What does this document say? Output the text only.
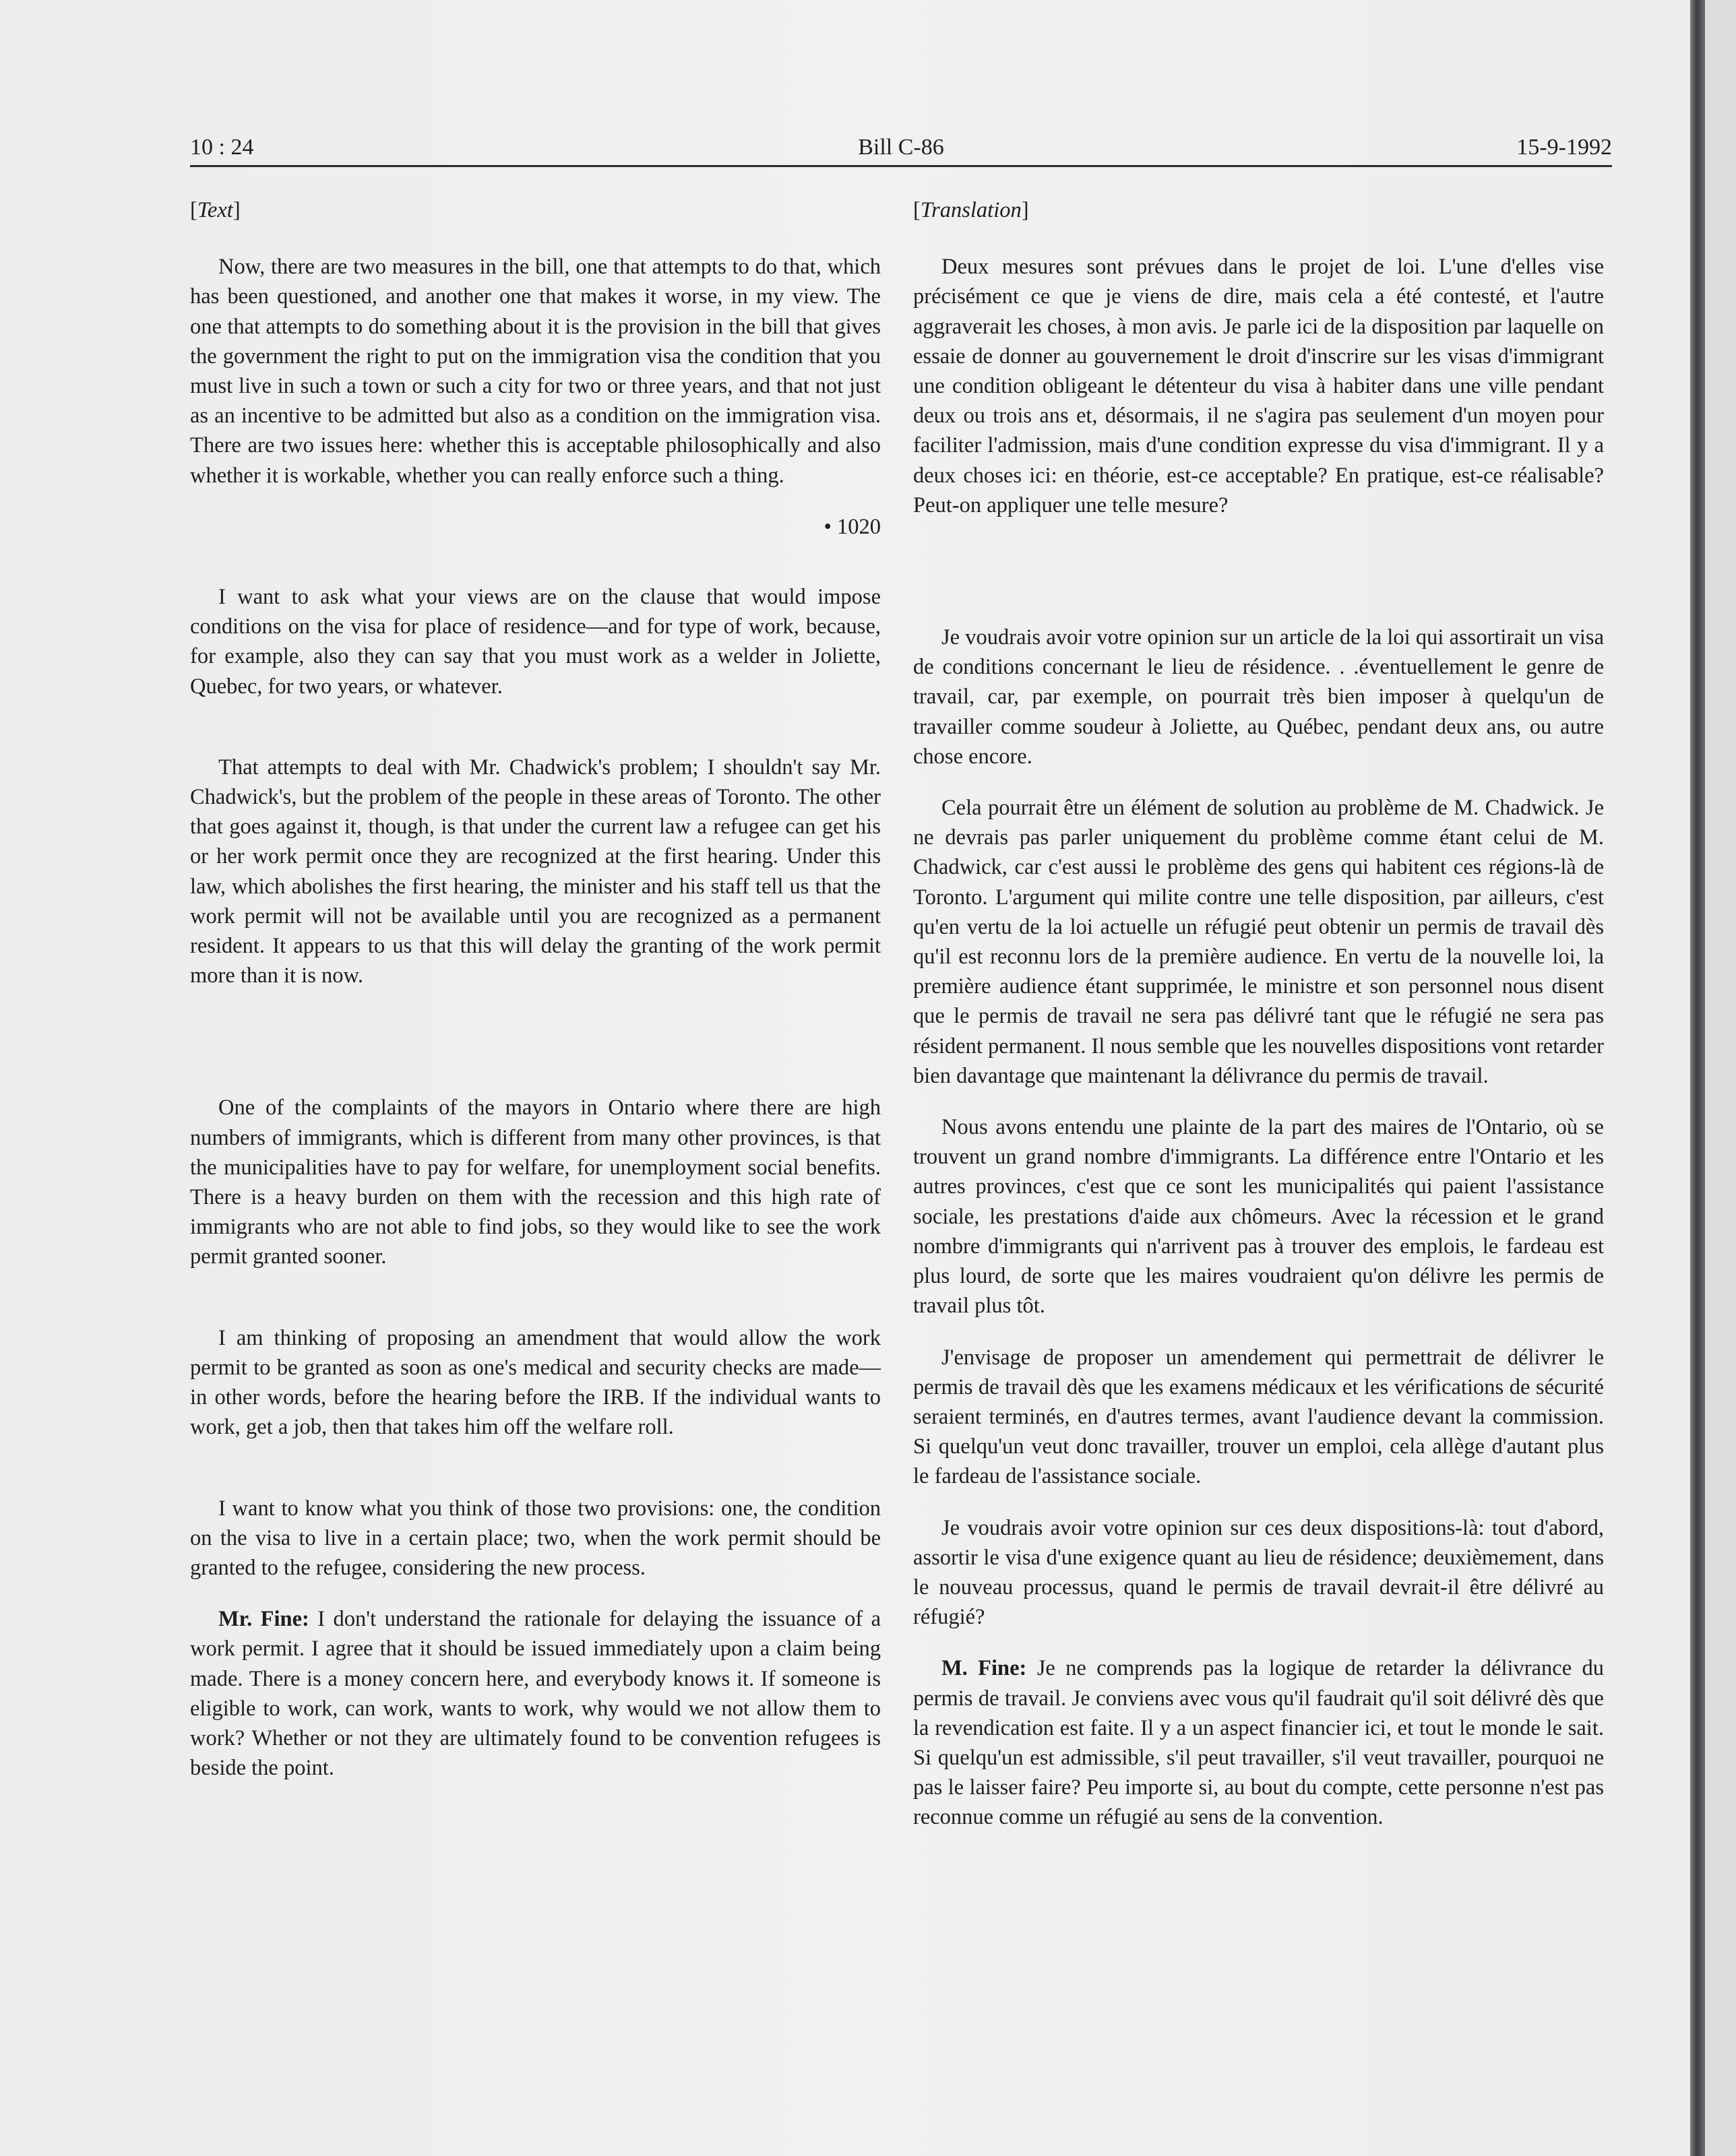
10 : 24	Bill C-86	15-9-1992
[Text]

Now, there are two measures in the bill, one that attempts to do that, which has been questioned, and another one that makes it worse, in my view. The one that attempts to do something about it is the provision in the bill that gives the government the right to put on the immigration visa the condition that you must live in such a town or such a city for two or three years, and that not just as an incentive to be admitted but also as a condition on the immigration visa. There are two issues here: whether this is acceptable philosophically and also whether it is workable, whether you can really enforce such a thing.

• 1020

I want to ask what your views are on the clause that would impose conditions on the visa for place of residence—and for type of work, because, for example, also they can say that you must work as a welder in Joliette, Quebec, for two years, or whatever.

That attempts to deal with Mr. Chadwick's problem; I shouldn't say Mr. Chadwick's, but the problem of the people in these areas of Toronto. The other that goes against it, though, is that under the current law a refugee can get his or her work permit once they are recognized at the first hearing. Under this law, which abolishes the first hearing, the minister and his staff tell us that the work permit will not be available until you are recognized as a permanent resident. It appears to us that this will delay the granting of the work permit more than it is now.

One of the complaints of the mayors in Ontario where there are high numbers of immigrants, which is different from many other provinces, is that the municipalities have to pay for welfare, for unemployment social benefits. There is a heavy burden on them with the recession and this high rate of immigrants who are not able to find jobs, so they would like to see the work permit granted sooner.

I am thinking of proposing an amendment that would allow the work permit to be granted as soon as one's medical and security checks are made—in other words, before the hearing before the IRB. If the individual wants to work, get a job, then that takes him off the welfare roll.

I want to know what you think of those two provisions: one, the condition on the visa to live in a certain place; two, when the work permit should be granted to the refugee, considering the new process.

Mr. Fine: I don't understand the rationale for delaying the issuance of a work permit. I agree that it should be issued immediately upon a claim being made. There is a money concern here, and everybody knows it. If someone is eligible to work, can work, wants to work, why would we not allow them to work? Whether or not they are ultimately found to be convention refugees is beside the point.

[Translation]

Deux mesures sont prévues dans le projet de loi. L'une d'elles vise précisément ce que je viens de dire, mais cela a été contesté, et l'autre aggraverait les choses, à mon avis. Je parle ici de la disposition par laquelle on essaie de donner au gouvernement le droit d'inscrire sur les visas d'immigrant une condition obligeant le détenteur du visa à habiter dans une ville pendant deux ou trois ans et, désormais, il ne s'agira pas seulement d'un moyen pour faciliter l'admission, mais d'une condition expresse du visa d'immigrant. Il y a deux choses ici: en théorie, est-ce acceptable? En pratique, est-ce réalisable? Peut-on appliquer une telle mesure?

Je voudrais avoir votre opinion sur un article de la loi qui assortirait un visa de conditions concernant le lieu de résidence. . .éventuellement le genre de travail, car, par exemple, on pourrait très bien imposer à quelqu'un de travailler comme soudeur à Joliette, au Québec, pendant deux ans, ou autre chose encore.

Cela pourrait être un élément de solution au problème de M. Chadwick. Je ne devrais pas parler uniquement du problème comme étant celui de M. Chadwick, car c'est aussi le problème des gens qui habitent ces régions-là de Toronto. L'argument qui milite contre une telle disposition, par ailleurs, c'est qu'en vertu de la loi actuelle un réfugié peut obtenir un permis de travail dès qu'il est reconnu lors de la première audience. En vertu de la nouvelle loi, la première audience étant supprimée, le ministre et son personnel nous disent que le permis de travail ne sera pas délivré tant que le réfugié ne sera pas résident permanent. Il nous semble que les nouvelles dispositions vont retarder bien davantage que maintenant la délivrance du permis de travail.

Nous avons entendu une plainte de la part des maires de l'Ontario, où se trouvent un grand nombre d'immigrants. La différence entre l'Ontario et les autres provinces, c'est que ce sont les municipalités qui paient l'assistance sociale, les prestations d'aide aux chômeurs. Avec la récession et le grand nombre d'immigrants qui n'arrivent pas à trouver des emplois, le fardeau est plus lourd, de sorte que les maires voudraient qu'on délivre les permis de travail plus tôt.

J'envisage de proposer un amendement qui permettrait de délivrer le permis de travail dès que les examens médicaux et les vérifications de sécurité seraient terminés, en d'autres termes, avant l'audience devant la commission. Si quelqu'un veut donc travailler, trouver un emploi, cela allège d'autant plus le fardeau de l'assistance sociale.

Je voudrais avoir votre opinion sur ces deux dispositions-là: tout d'abord, assortir le visa d'une exigence quant au lieu de résidence; deuxièmement, dans le nouveau processus, quand le permis de travail devrait-il être délivré au réfugié?

M. Fine: Je ne comprends pas la logique de retarder la délivrance du permis de travail. Je conviens avec vous qu'il faudrait qu'il soit délivré dès que la revendication est faite. Il y a un aspect financier ici, et tout le monde le sait. Si quelqu'un est admissible, s'il peut travailler, s'il veut travailler, pourquoi ne pas le laisser faire? Peu importe si, au bout du compte, cette personne n'est pas reconnue comme un réfugié au sens de la convention.
